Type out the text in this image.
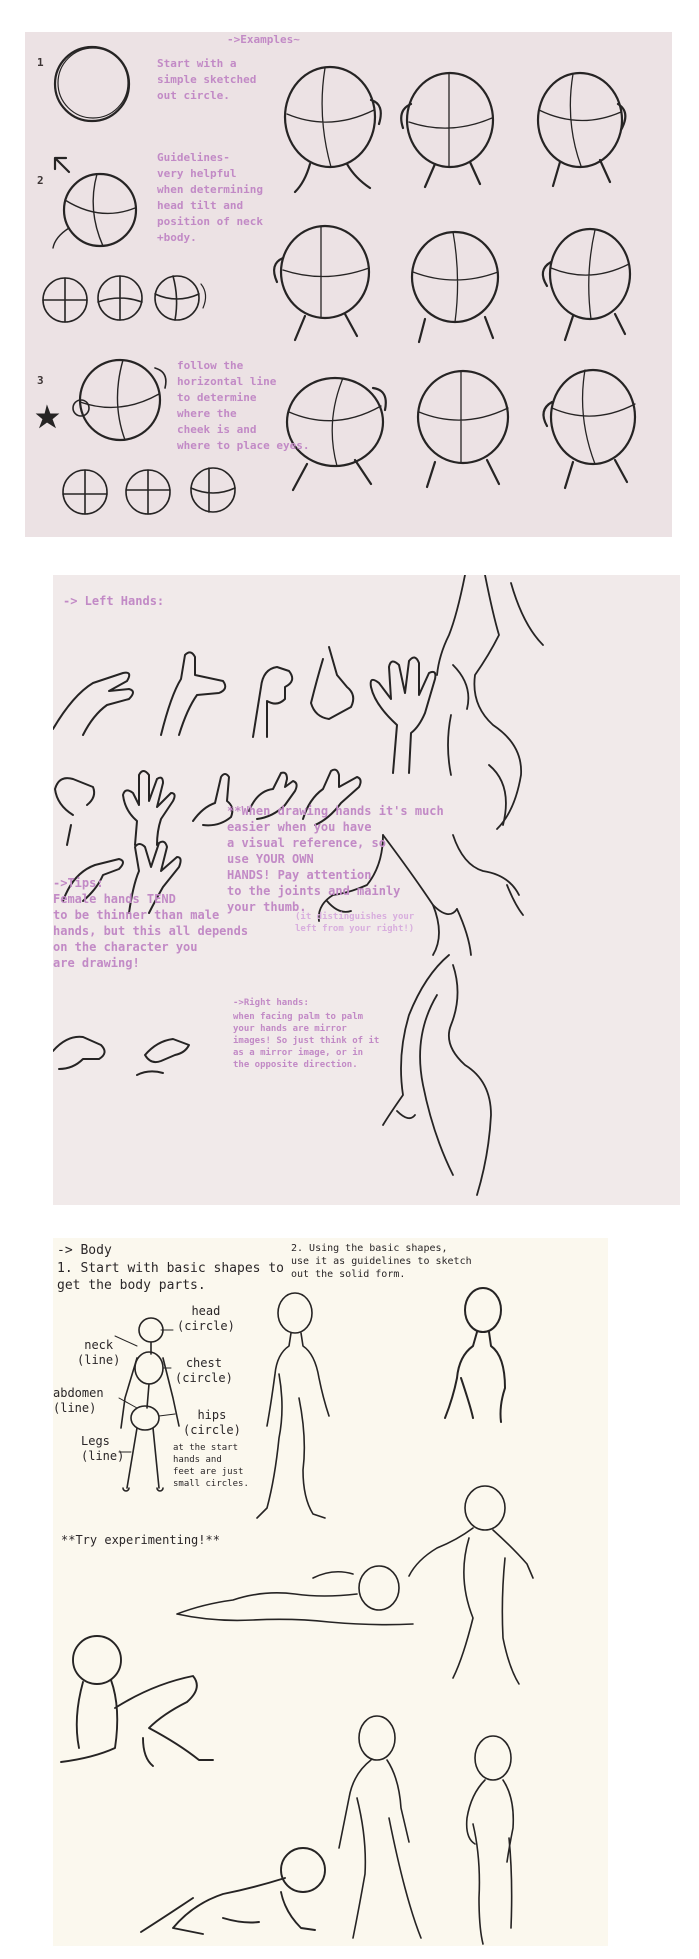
1
2
3
->Examples~
Start with a
simple sketched
out circle.
Guidelines-
very helpful
when determining
head tilt and
position of neck
+body.
follow the
horizontal line
to determine
where the
cheek is and
where to place eyes.
-> Left Hands:
**When drawing hands it's much
easier when you have
a visual reference, so
use YOUR OWN
HANDS! Pay attention
to the joints and mainly
your thumb.
(it distinguishes your
left from your right!)
->Tips:
Female hands TEND
to be thinner than male
hands, but this all depends
on the character you
are drawing!
->Right hands:
when facing palm to palm
your hands are mirror
images! So just think of it
as a mirror image, or in
the opposite direction.
-> Body
1. Start with basic shapes to
get the body parts.
2. Using the basic shapes,
use it as guidelines to sketch
out the solid form.
head
(circle)
neck
(line)	chest
(circle)
abdomen
(line)	hips
(circle)
Legs
(line)
at the start
hands and
feet are just
small circles.
**Try experimenting!**
